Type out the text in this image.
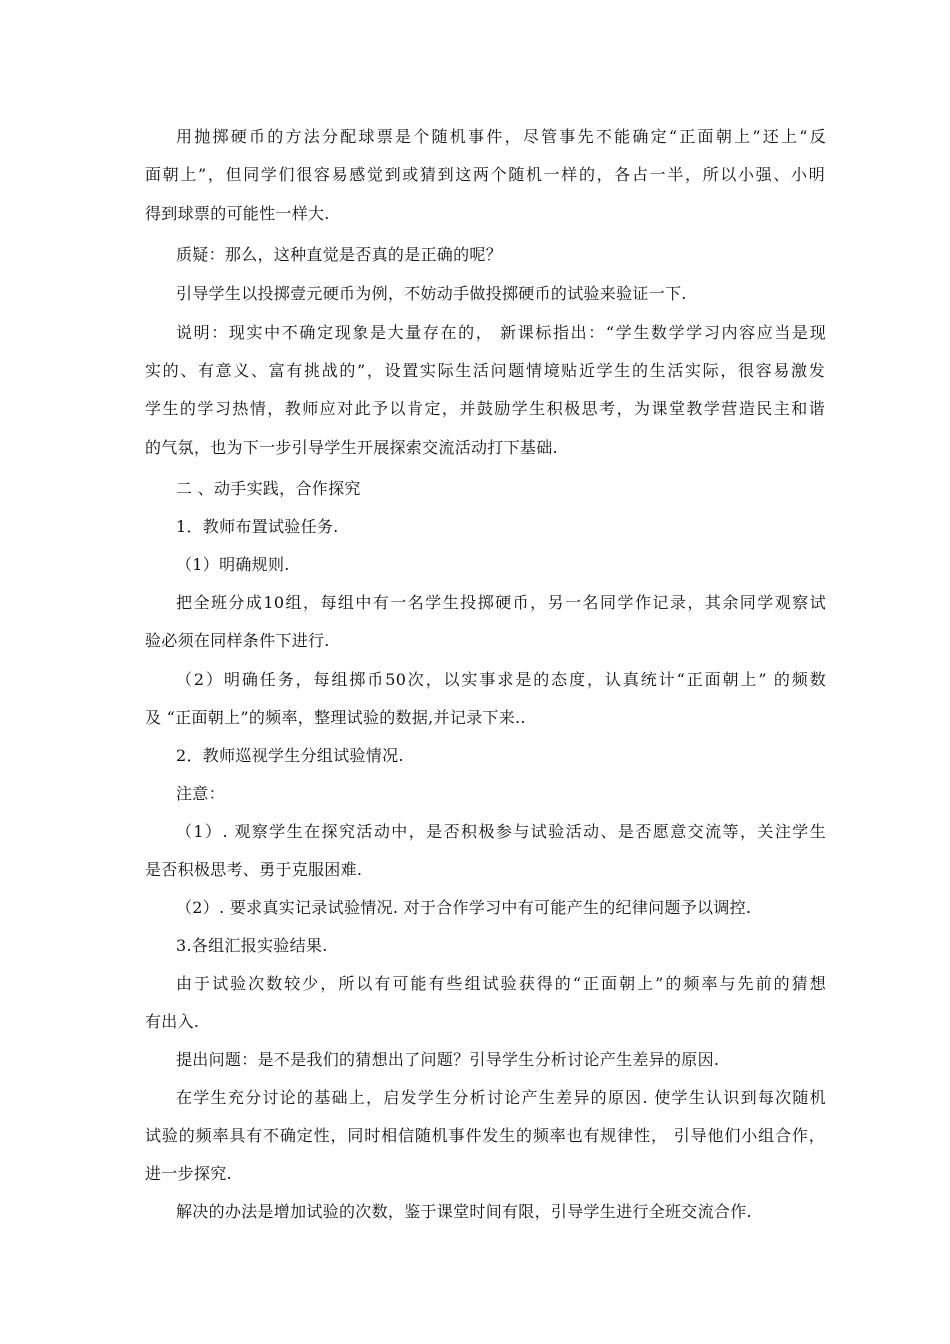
用抛掷硬币的方法分配球票是个随机事件，尽管事先不能确定“正面朝上”还上“反
面朝上”，但同学们很容易感觉到或猜到这两个随机一样的，各占一半，所以小强、小明
得到球票的可能性一样大.
质疑：那么，这种直觉是否真的是正确的呢？
引导学生以投掷壹元硬币为例，不妨动手做投掷硬币的试验来验证一下.
说明：现实中不确定现象是大量存在的， 新课标指出：“学生数学学习内容应当是现
实的、有意义、富有挑战的”，设置实际生活问题情境贴近学生的生活实际，很容易激发
学生的学习热情，教师应对此予以肯定，并鼓励学生积极思考，为课堂教学营造民主和谐
的气氛，也为下一步引导学生开展探索交流活动打下基础.
二 、动手实践，合作探究
1．教师布置试验任务.
（1）明确规则.
把全班分成10组，每组中有一名学生投掷硬币，另一名同学作记录，其余同学观察试
验必须在同样条件下进行.
（2）明确任务，每组掷币50次，以实事求是的态度，认真统计“正面朝上” 的频数
及 “正面朝上”的频率，整理试验的数据,并记录下来..
2．教师巡视学生分组试验情况.
注意：
（1）. 观察学生在探究活动中，是否积极参与试验活动、是否愿意交流等，关注学生
是否积极思考、勇于克服困难.
（2）. 要求真实记录试验情况. 对于合作学习中有可能产生的纪律问题予以调控.
3.各组汇报实验结果.
由于试验次数较少，所以有可能有些组试验获得的“正面朝上”的频率与先前的猜想
有出入.
提出问题：是不是我们的猜想出了问题？引导学生分析讨论产生差异的原因.
在学生充分讨论的基础上，启发学生分析讨论产生差异的原因. 使学生认识到每次随机
试验的频率具有不确定性，同时相信随机事件发生的频率也有规律性， 引导他们小组合作，
进一步探究.
解决的办法是增加试验的次数，鉴于课堂时间有限，引导学生进行全班交流合作.
